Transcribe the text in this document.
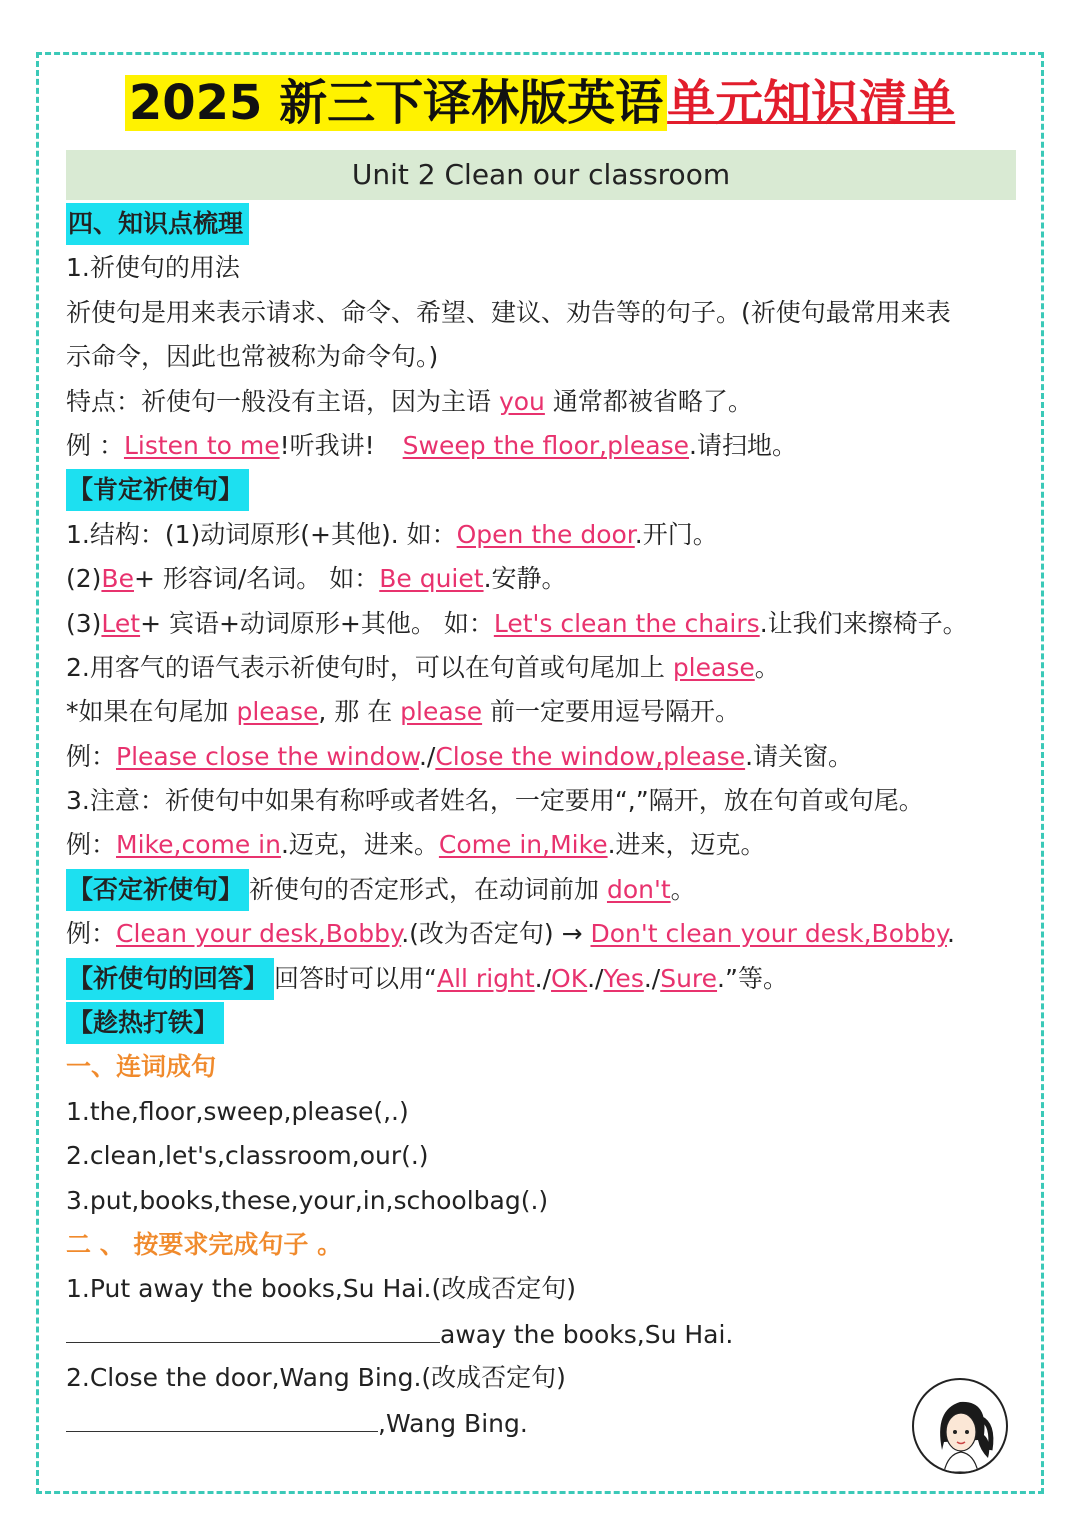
2025 新三下译林版英语单元知识清单
Unit 2 Clean our classroom
四、知识点梳理
1.祈使句的用法
祈使句是用来表示请求、命令、希望、建议、劝告等的句子。(祈使句最常用来表
示命令，因此也常被称为命令句。)
特点：祈使句一般没有主语，因为主语 you 通常都被省略了。
例 ：Listen to me!听我讲! Sweep the floor,please.请扫地。
【肯定祈使句】
1.结构：(1)动词原形(+其他). 如：Open the door.开门。
(2)Be+ 形容词/名词。 如：Be quiet.安静。
(3)Let+ 宾语+动词原形+其他。 如：Let's clean the chairs.让我们来擦椅子。
2.用客气的语气表示祈使句时，可以在句首或句尾加上 please。
*如果在句尾加 please, 那 在 please 前一定要用逗号隔开。
例：Please close the window./Close the window,please.请关窗。
3.注意：祈使句中如果有称呼或者姓名，一定要用“,”隔开，放在句首或句尾。
例：Mike,come in.迈克，进来。Come in,Mike.进来，迈克。
【否定祈使句】 祈使句的否定形式，在动词前加 don't。
例：Clean your desk,Bobby.(改为否定句) → Don't clean your desk,Bobby.
【祈使句的回答】 回答时可以用“All right./OK./Yes./Sure.”等。
【趁热打铁】
一、连词成句
1.the,floor,sweep,please(,.)
2.clean,let's,classroom,our(.)
3.put,books,these,your,in,schoolbag(.)
二 、 按要求完成句子 。
1.Put away the books,Su Hai.(改成否定句)
away the books,Su Hai.
2.Close the door,Wang Bing.(改成否定句)
,Wang Bing.
